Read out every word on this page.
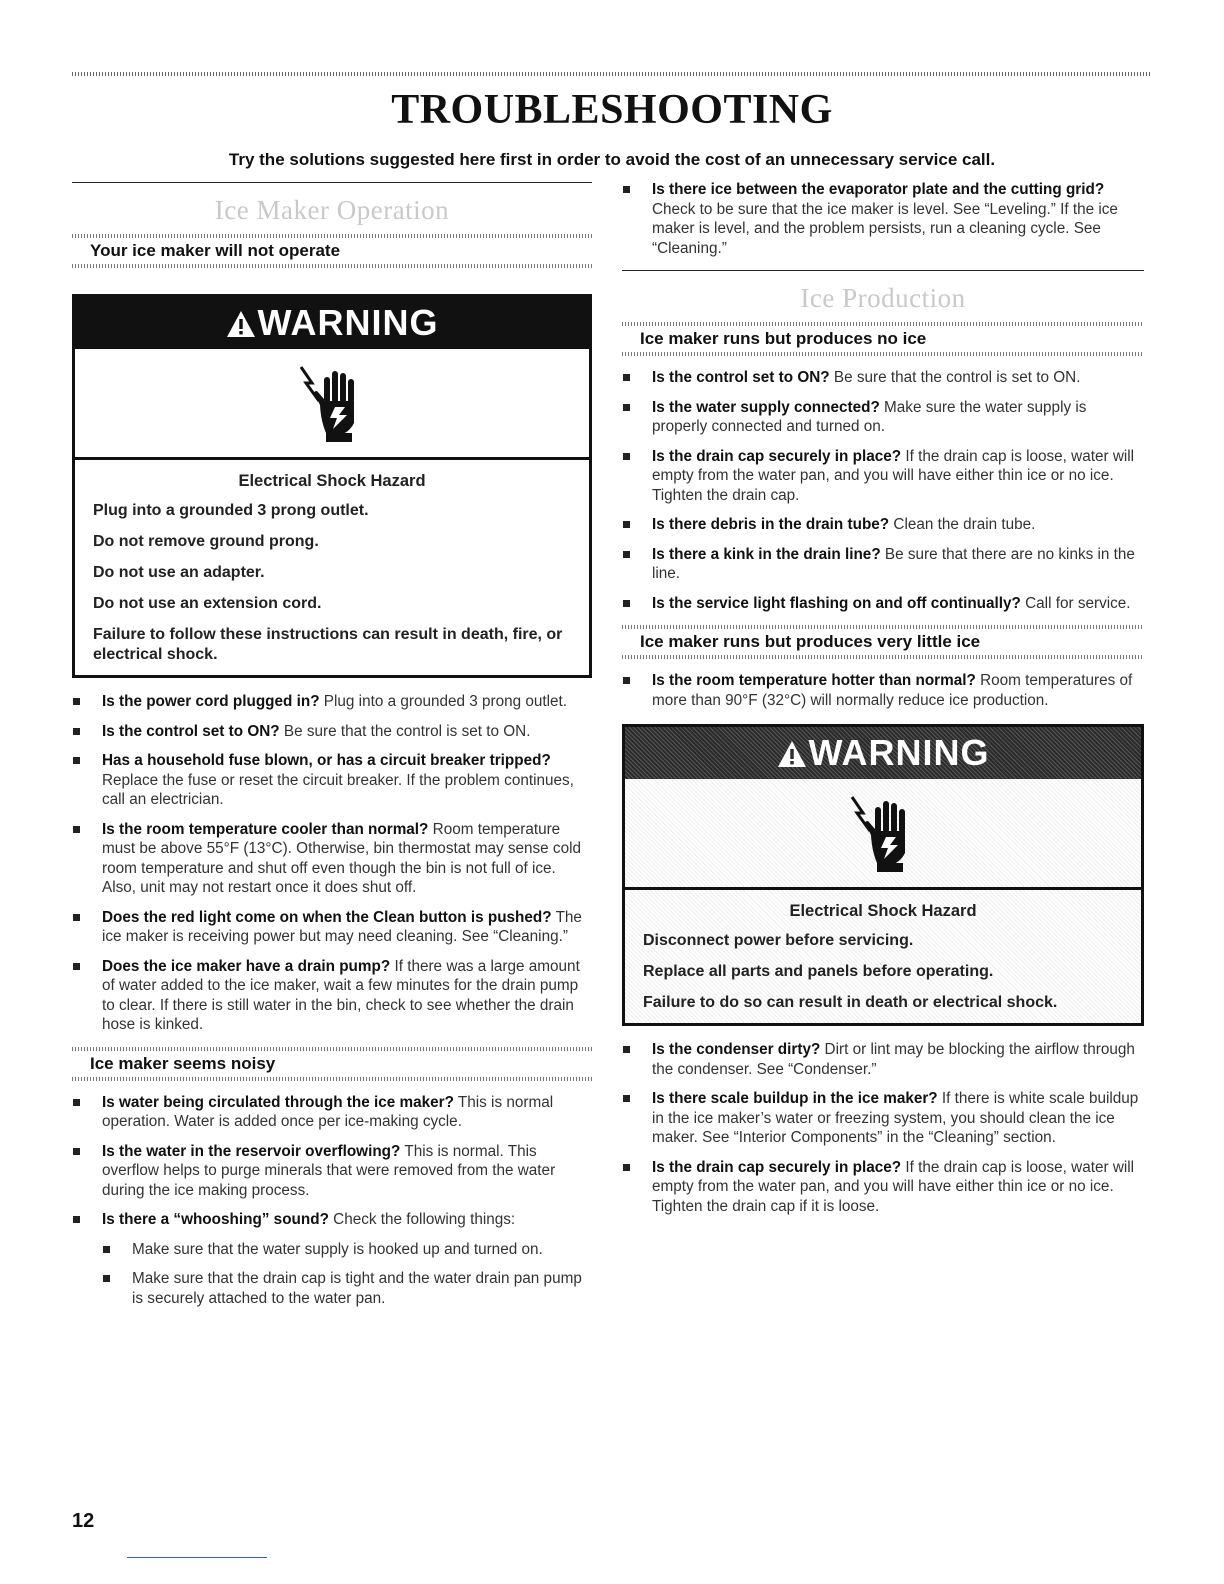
TROUBLESHOOTING
Try the solutions suggested here first in order to avoid the cost of an unnecessary service call.
Ice Maker Operation
Your ice maker will not operate
WARNING
Electrical Shock Hazard

Plug into a grounded 3 prong outlet.

Do not remove ground prong.

Do not use an adapter.

Do not use an extension cord.

Failure to follow these instructions can result in death, fire, or electrical shock.

Is the power cord plugged in? Plug into a grounded 3 prong outlet.
Is the control set to ON? Be sure that the control is set to ON.
Has a household fuse blown, or has a circuit breaker tripped? Replace the fuse or reset the circuit breaker. If the problem continues, call an electrician.
Is the room temperature cooler than normal? Room temperature must be above 55°F (13°C). Otherwise, bin thermostat may sense cold room temperature and shut off even though the bin is not full of ice. Also, unit may not restart once it does shut off.
Does the red light come on when the Clean button is pushed? The ice maker is receiving power but may need cleaning. See “Cleaning.”
Does the ice maker have a drain pump? If there was a large amount of water added to the ice maker, wait a few minutes for the drain pump to clear. If there is still water in the bin, check to see whether the drain hose is kinked.
Ice maker seems noisy
Is water being circulated through the ice maker? This is normal operation. Water is added once per ice-making cycle.
Is the water in the reservoir overflowing? This is normal. This overflow helps to purge minerals that were removed from the water during the ice making process.
Is there a “whooshing” sound? Check the following things:
Make sure that the water supply is hooked up and turned on.
Make sure that the drain cap is tight and the water drain pan pump is securely attached to the water pan.
Is there ice between the evaporator plate and the cutting grid? Check to be sure that the ice maker is level. See “Leveling.” If the ice maker is level, and the problem persists, run a cleaning cycle. See “Cleaning.”
Ice Production
Ice maker runs but produces no ice
Is the control set to ON? Be sure that the control is set to ON.
Is the water supply connected? Make sure the water supply is properly connected and turned on.
Is the drain cap securely in place? If the drain cap is loose, water will empty from the water pan, and you will have either thin ice or no ice. Tighten the drain cap.
Is there debris in the drain tube? Clean the drain tube.
Is there a kink in the drain line? Be sure that there are no kinks in the line.
Is the service light flashing on and off continually? Call for service.
Ice maker runs but produces very little ice
Is the room temperature hotter than normal? Room temperatures of more than 90°F (32°C) will normally reduce ice production.
WARNING
Electrical Shock Hazard

Disconnect power before servicing.

Replace all parts and panels before operating.

Failure to do so can result in death or electrical shock.

Is the condenser dirty? Dirt or lint may be blocking the airflow through the condenser. See “Condenser.”
Is there scale buildup in the ice maker? If there is white scale buildup in the ice maker’s water or freezing system, you should clean the ice maker. See “Interior Components” in the “Cleaning” section.
Is the drain cap securely in place? If the drain cap is loose, water will empty from the water pan, and you will have either thin ice or no ice. Tighten the drain cap if it is loose.
12
